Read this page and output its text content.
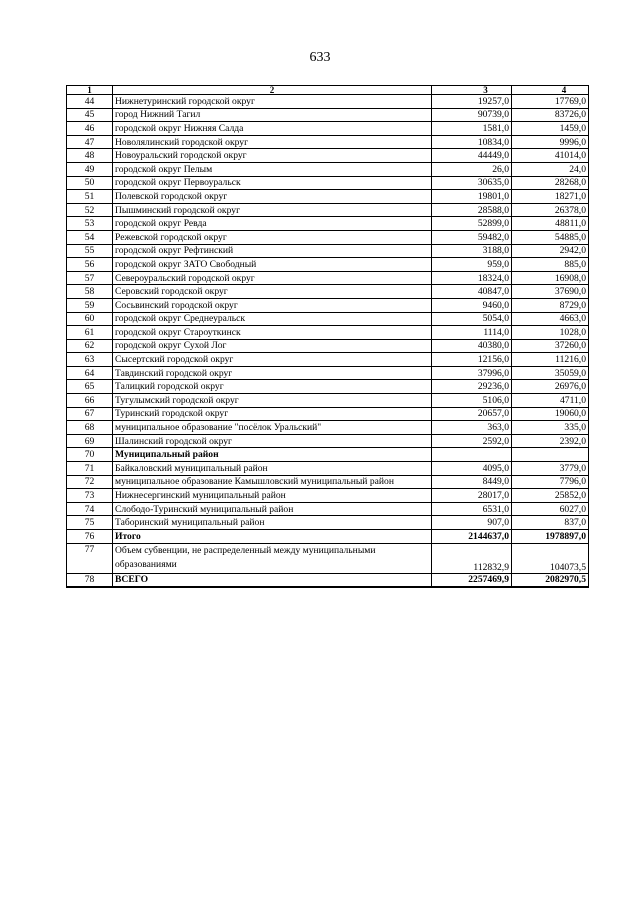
633
1	2	3	4
44	Нижнетуринский городской округ	19257,0	17769,0
45	город Нижний Тагил	90739,0	83726,0
46	городской округ Нижняя Салда	1581,0	1459,0
47	Новолялинский городской округ	10834,0	9996,0
48	Новоуральский городской округ	44449,0	41014,0
49	городской округ Пелым	26,0	24,0
50	городской округ Первоуральск	30635,0	28268,0
51	Полевской городской округ	19801,0	18271,0
52	Пышминский городской округ	28588,0	26378,0
53	городской округ Ревда	52899,0	48811,0
54	Режевской городской округ	59482,0	54885,0
55	городской округ Рефтинский	3188,0	2942,0
56	городской округ ЗАТО Свободный	959,0	885,0
57	Североуральский городской округ	18324,0	16908,0
58	Серовский городской округ	40847,0	37690,0
59	Сосьвинский городской округ	9460,0	8729,0
60	городской округ Среднеуральск	5054,0	4663,0
61	городской округ Староуткинск	1114,0	1028,0
62	городской округ Сухой Лог	40380,0	37260,0
63	Сысертский городской округ	12156,0	11216,0
64	Тавдинский городской округ	37996,0	35059,0
65	Талицкий городской округ	29236,0	26976,0
66	Тугулымский городской округ	5106,0	4711,0
67	Туринский городской округ	20657,0	19060,0
68	муниципальное образование "посёлок Уральский"	363,0	335,0
69	Шалинский городской округ	2592,0	2392,0
70	Муниципальный район		
71	Байкаловский муниципальный район	4095,0	3779,0
72	муниципальное образование Камышловский муниципальный район	8449,0	7796,0
73	Нижнесергинский муниципальный район	28017,0	25852,0
74	Слободо-Туринский муниципальный район	6531,0	6027,0
75	Таборинский муниципальный район	907,0	837,0
76	Итого	2144637,0	1978897,0
77	Объем субвенции, не распределенный между муниципальными образованиями	112832,9	104073,5
78	ВСЕГО	2257469,9	2082970,5
